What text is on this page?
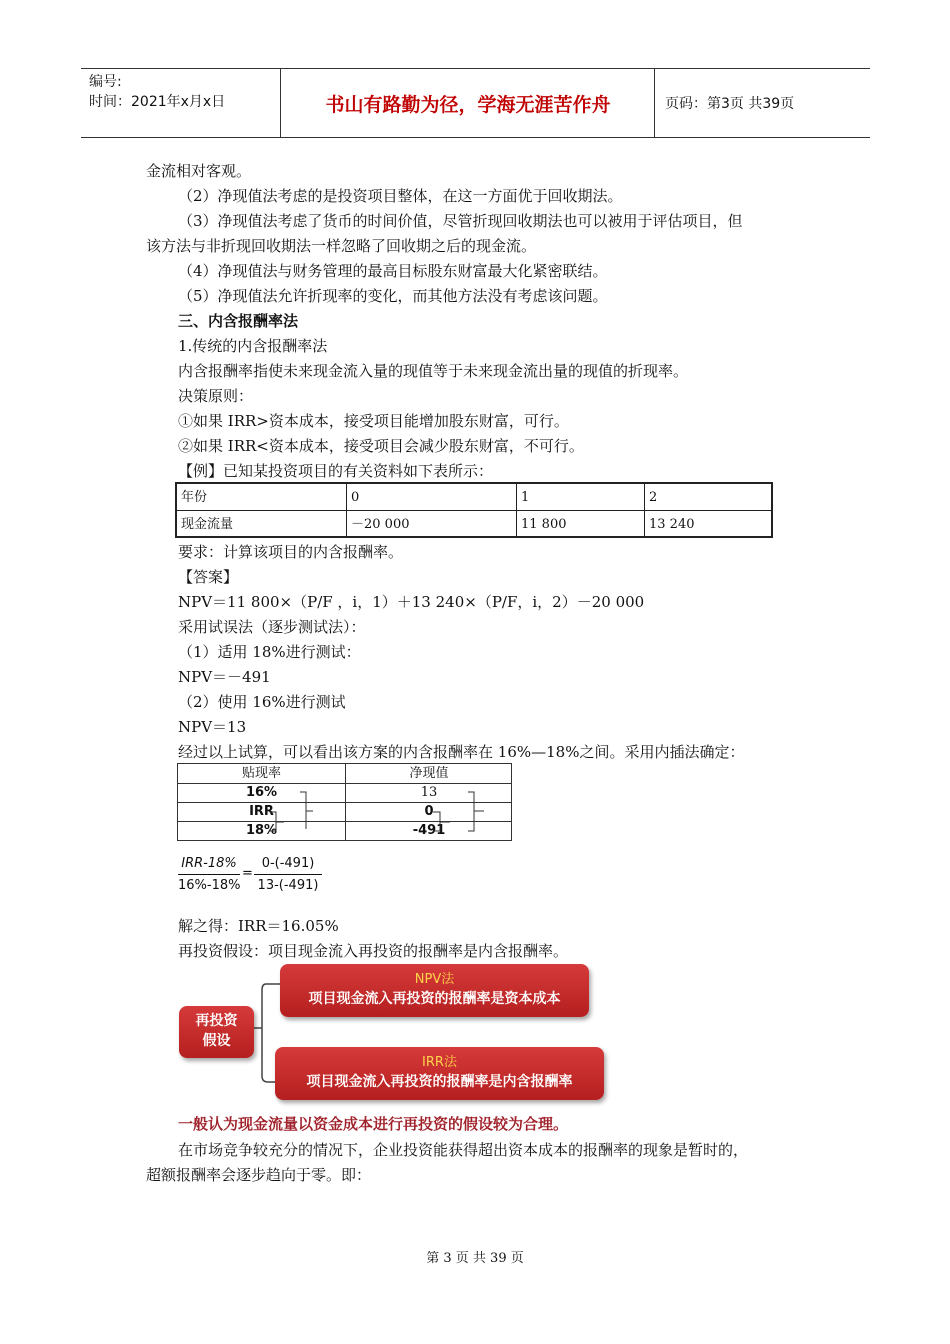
编号:
时间：2021年x月x日	书山有路勤为径，学海无涯苦作舟	页码：第3页 共39页
金流相对客观。
（2）净现值法考虑的是投资项目整体，在这一方面优于回收期法。
（3）净现值法考虑了货币的时间价值，尽管折现回收期法也可以被用于评估项目，但
该方法与非折现回收期法一样忽略了回收期之后的现金流。
（4）净现值法与财务管理的最高目标股东财富最大化紧密联结。
（5）净现值法允许折现率的变化，而其他方法没有考虑该问题。
三、内含报酬率法
1.传统的内含报酬率法
内含报酬率指使未来现金流入量的现值等于未来现金流出量的现值的折现率。
决策原则：
①如果 IRR>资本成本，接受项目能增加股东财富，可行。
②如果 IRR<资本成本，接受项目会减少股东财富，不可行。
【例】已知某投资项目的有关资料如下表所示：
年份	0	1	2
现金流量	－20 000	11 800	13 240
要求：计算该项目的内含报酬率。
【答案】
NPV＝11 800×（P/F ，i，1）＋13 240×（P/F，i，2）－20 000
采用试误法（逐步测试法）：
（1）适用 18%进行测试：
NPV＝－491
（2）使用 16%进行测试
NPV＝13
经过以上试算，可以看出该方案的内含报酬率在 16%—18%之间。采用内插法确定：
贴现率	净现值
16%	13
IRR	0
18%	-491
IRR-18%
16%-18%
=
0-(-491)
13-(-491)
解之得：IRR＝16.05%
再投资假设：项目现金流入再投资的报酬率是内含报酬率。
再投资
假设
NPV法
项目现金流入再投资的报酬率是资本成本
IRR法
项目现金流入再投资的报酬率是内含报酬率
一般认为现金流量以资金成本进行再投资的假设较为合理。
在市场竞争较充分的情况下，企业投资能获得超出资本成本的报酬率的现象是暂时的，
超额报酬率会逐步趋向于零。即：
第 3 页 共 39 页
